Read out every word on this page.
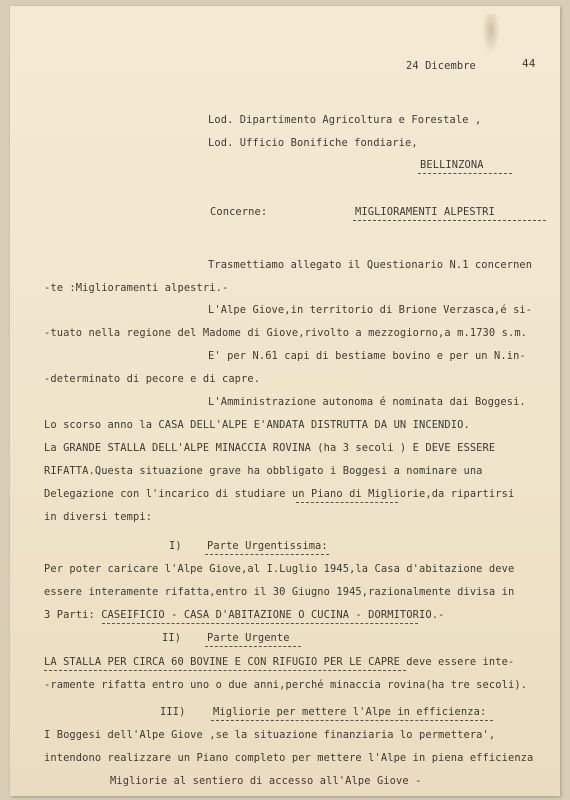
24 Dicembre	44
Lod. Dipartimento Agricoltura e Forestale ,
Lod. Ufficio Bonifiche fondiarie,
BELLINZONA
Concerne:	MIGLIORAMENTI ALPESTRI
Trasmettiamo allegato il Questionario N.1 concernen
-te :Miglioramenti alpestri.-
L'Alpe Giove,in territorio di Brione Verzasca,é si-
-tuato nella regione del Madome di Giove,rivolto a mezzogiorno,a m.1730 s.m.
E' per N.61 capi di bestiame bovino e per un N.in-
-determinato di pecore e di capre.
L'Amministrazione autonoma é nominata dai Boggesi.
Lo scorso anno la CASA DELL'ALPE E'ANDATA DISTRUTTA DA UN INCENDIO.
La GRANDE STALLA DELL'ALPE MINACCIA ROVINA (ha 3 secoli ) E DEVE ESSERE
RIFATTA.Questa situazione grave ha obbligato i Boggesi a nominare una
Delegazione con l'incarico di studiare un Piano di Migliorie,da ripartirsi
in diversi tempi:
I) Parte Urgentissima:
Per poter caricare l'Alpe Giove,al I.Luglio 1945,la Casa d'abitazione deve
essere interamente rifatta,entro il 30 Giugno 1945,razionalmente divisa in
3 Parti: CASEIFICIO - CASA D'ABITAZIONE O CUCINA - DORMITORIO.-
II) Parte Urgente
LA STALLA PER CIRCA 60 BOVINE E CON RIFUGIO PER LE CAPRE deve essere inte-
-ramente rifatta entro uno o due anni,perché minaccia rovina(ha tre secoli).
III)	Migliorie per mettere l'Alpe in efficienza:
I Boggesi dell'Alpe Giove ,se la situazione finanziaria lo permettera',
intendono realizzare un Piano completo per mettere l'Alpe in piena efficienza
Migliorie al sentiero di accesso all'Alpe Giove -
